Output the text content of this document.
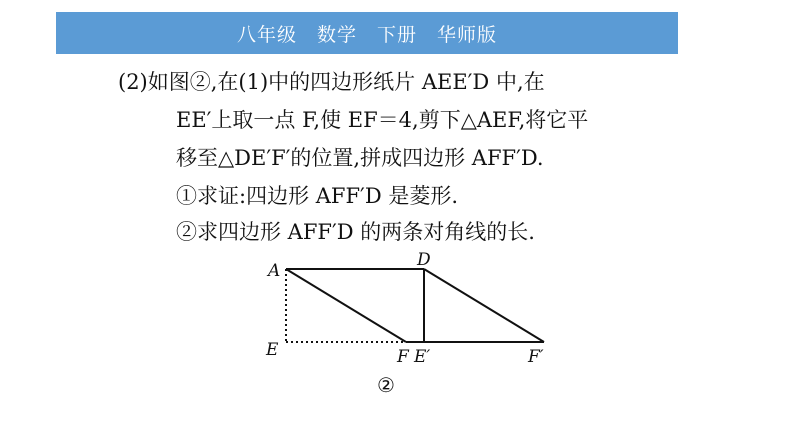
八年级　数学　下册　华师版
(2)如图②,在(1)中的四边形纸片 AEE′D 中,在
EE′上取一点 F,使 EF＝4,剪下△AEF,将它平
移至△DE′F′的位置,拼成四边形 AFF′D.
①求证:四边形 AFF′D 是菱形.
②求四边形 AFF′D 的两条对角线的长.
A
D
E	F E′	F′
②
